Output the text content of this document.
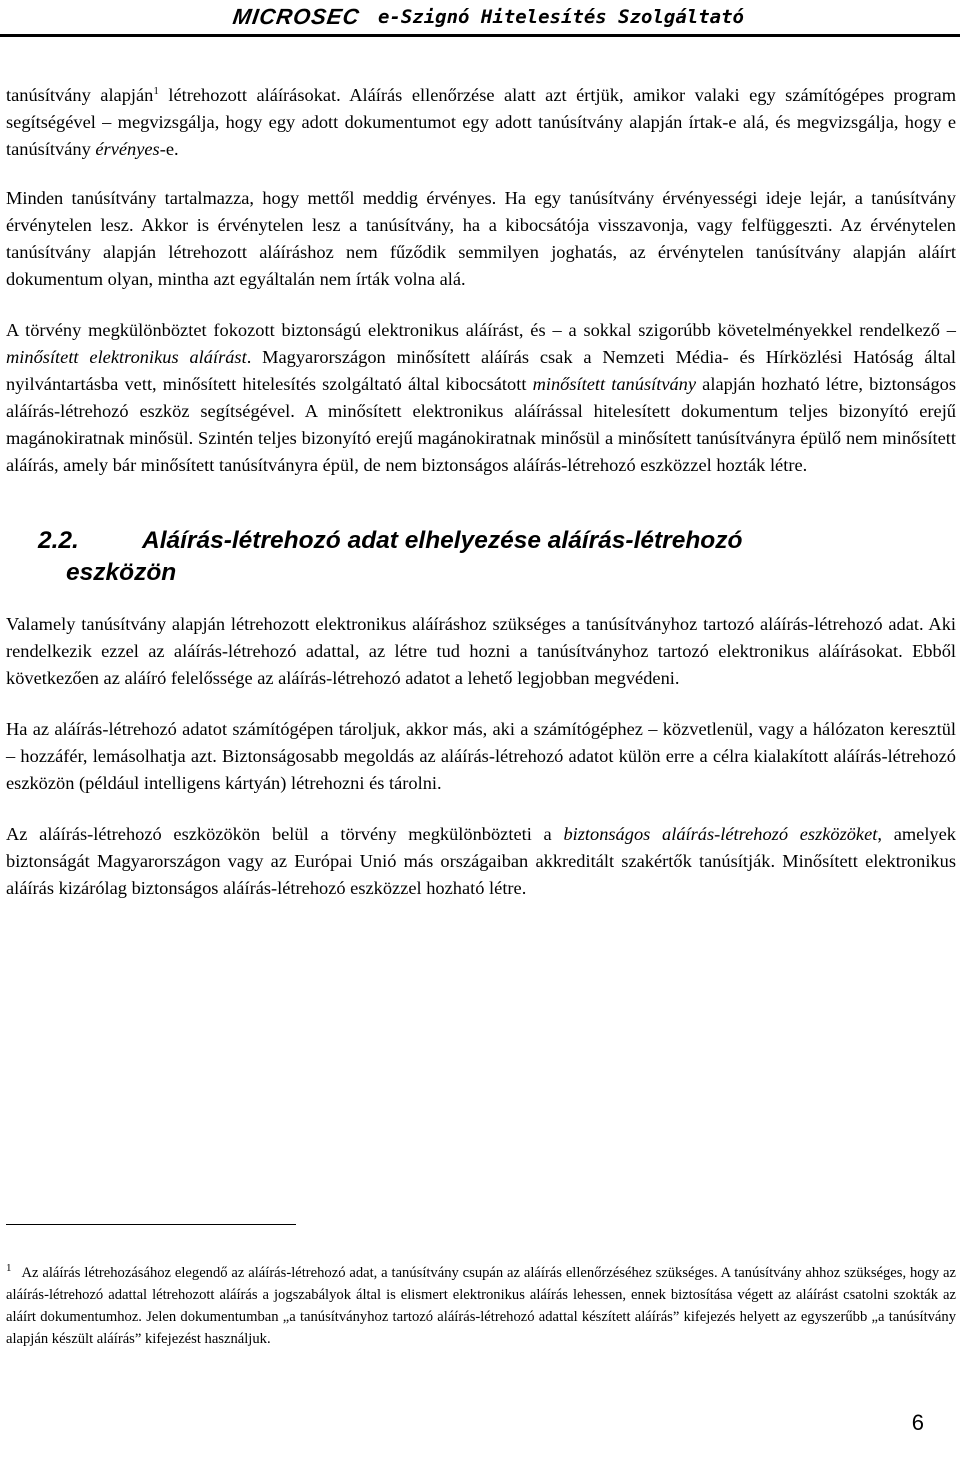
MICROSEC e-Szignó Hitelesítés Szolgáltató

tanúsítvány alapján$^1$ létrehozott aláírásokat. Aláírás ellenőrzése alatt azt értjük, amikor valaki egy számítógépes program segítségével – megvizsgálja, hogy egy adott dokumentumot egy adott tanúsítvány alapján írtak-e alá, és megvizsgálja, hogy e tanúsítvány érvényes-e.

Minden tanúsítvány tartalmazza, hogy mettől meddig érvényes. Ha egy tanúsítvány érvényességi ideje lejár, a tanúsítvány érvénytelen lesz. Akkor is érvénytelen lesz a tanúsítvány, ha a kibocsátója visszavonja, vagy felfüggeszti. Az érvénytelen tanúsítvány alapján létrehozott aláíráshoz nem fűződik semmilyen joghatás, az érvénytelen tanúsítvány alapján aláírt dokumentum olyan, mintha azt egyáltalán nem írták volna alá.

A törvény megkülönböztet fokozott biztonságú elektronikus aláírást, és – a sokkal szigorúbb követelményekkel rendelkező – minősített elektronikus aláírást. Magyarországon minősített aláírás csak a Nemzeti Média- és Hírközlési Hatóság által nyilvántartásba vett, minősített hitelesítés szolgáltató által kibocsátott minősített tanúsítvány alapján hozható létre, biztonságos aláírás-létrehozó eszköz segítségével. A minősített elektronikus aláírással hitelesített dokumentum teljes bizonyító erejű magánokiratnak minősül. Szintén teljes bizonyító erejű magánokiratnak minősül a minősített tanúsítványra épülő nem minősített aláírás, amely bár minősített tanúsítványra épül, de nem biztonságos aláírás-létrehozó eszközzel hozták létre.

2.2.	Aláírás-létrehozó adat elhelyezése aláírás-létrehozó
eszközön

Valamely tanúsítvány alapján létrehozott elektronikus aláíráshoz szükséges a tanúsítványhoz tartozó aláírás-létrehozó adat. Aki rendelkezik ezzel az aláírás-létrehozó adattal, az létre tud hozni a tanúsítványhoz tartozó elektronikus aláírásokat. Ebből következően az aláíró felelőssége az aláírás-létrehozó adatot a lehető legjobban megvédeni.

Ha az aláírás-létrehozó adatot számítógépen tároljuk, akkor más, aki a számítógéphez – közvetlenül, vagy a hálózaton keresztül – hozzáfér, lemásolhatja azt. Biztonságosabb megoldás az aláírás-létrehozó adatot külön erre a célra kialakított aláírás-létrehozó eszközön (például intelligens kártyán) létrehozni és tárolni.

Az aláírás-létrehozó eszközökön belül a törvény megkülönbözteti a biztonságos aláírás-létrehozó eszközöket, amelyek biztonságát Magyarországon vagy az Európai Unió más országaiban akkreditált szakértők tanúsítják. Minősített elektronikus aláírás kizárólag biztonságos aláírás-létrehozó eszközzel hozható létre.

$^1$ Az aláírás létrehozásához elegendő az aláírás-létrehozó adat, a tanúsítvány csupán az aláírás ellenőrzéséhez szükséges. A tanúsítvány ahhoz szükséges, hogy az aláírás-létrehozó adattal létrehozott aláírás a jogszabályok által is elismert elektronikus aláírás lehessen, ennek biztosítása végett az aláírást csatolni szokták az aláírt dokumentumhoz. Jelen dokumentumban „a tanúsítványhoz tartozó aláírás-létrehozó adattal készített aláírás” kifejezés helyett az egyszerűbb „a tanúsítvány alapján készült aláírás” kifejezést használjuk.
6
